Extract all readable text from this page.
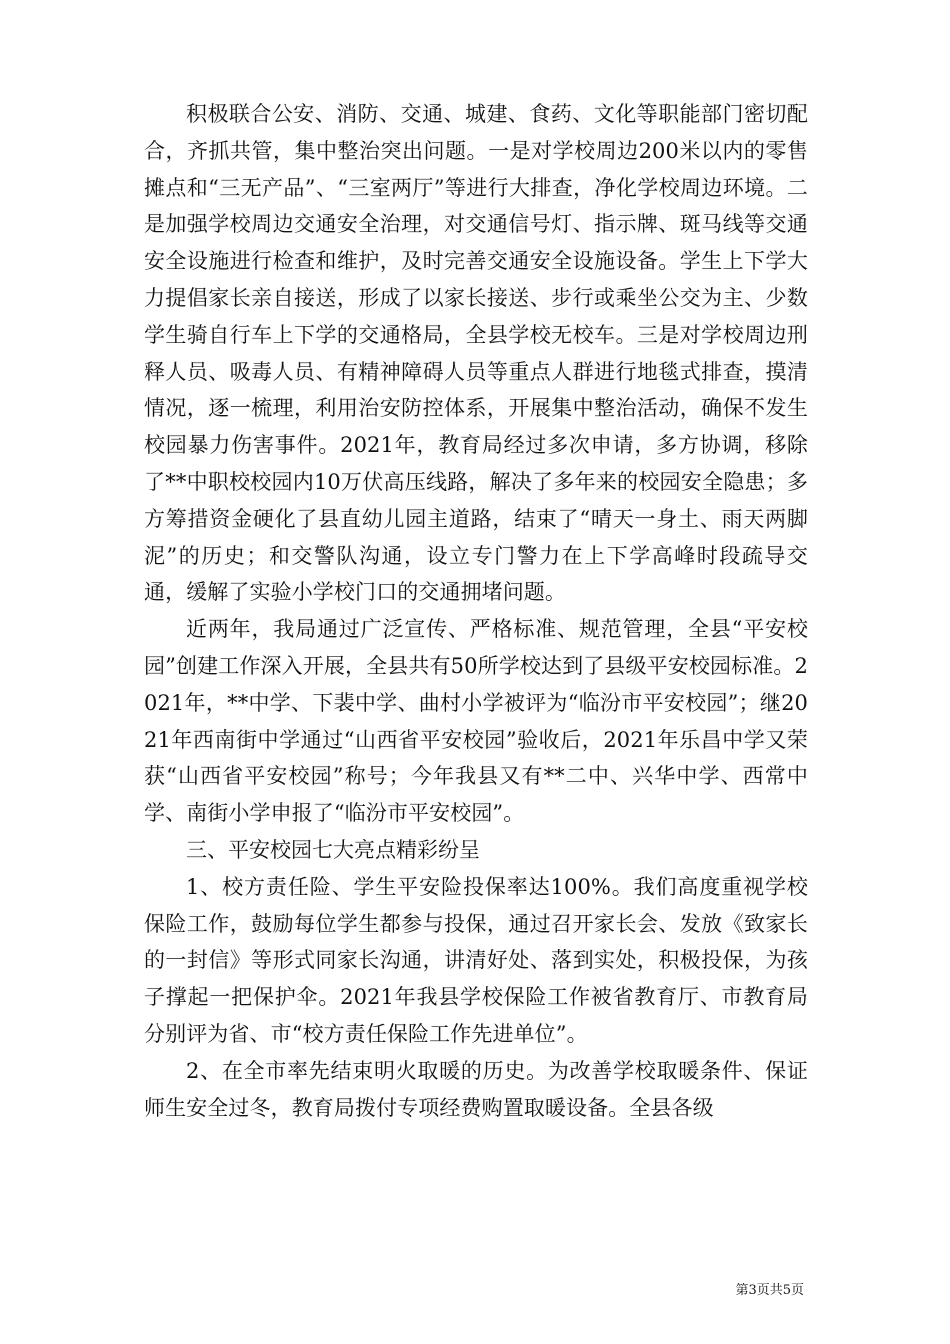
积极联合公安、消防、交通、城建、食药、文化等职能部门密切配合，齐抓共管，集中整治突出问题。一是对学校周边200米以内的零售摊点和“三无产品”、“三室两厅”等进行大排查，净化学校周边环境。二是加强学校周边交通安全治理，对交通信号灯、指示牌、斑马线等交通安全设施进行检查和维护，及时完善交通安全设施设备。学生上下学大力提倡家长亲自接送，形成了以家长接送、步行或乘坐公交为主、少数学生骑自行车上下学的交通格局，全县学校无校车。三是对学校周边刑释人员、吸毒人员、有精神障碍人员等重点人群进行地毯式排查，摸清情况，逐一梳理，利用治安防控体系，开展集中整治活动，确保不发生校园暴力伤害事件。2021年，教育局经过多次申请，多方协调，移除了**中职校校园内10万伏高压线路，解决了多年来的校园安全隐患；多方筹措资金硬化了县直幼儿园主道路，结束了“晴天一身土、雨天两脚泥”的历史；和交警队沟通，设立专门警力在上下学高峰时段疏导交通，缓解了实验小学校门口的交通拥堵问题。

近两年，我局通过广泛宣传、严格标准、规范管理，全县“平安校园”创建工作深入开展，全县共有50所学校达到了县级平安校园标准。2021年，**中学、下裴中学、曲村小学被评为“临汾市平安校园”；继2021年西南街中学通过“山西省平安校园”验收后，2021年乐昌中学又荣获“山西省平安校园”称号；今年我县又有**二中、兴华中学、西常中学、南街小学申报了“临汾市平安校园”。

三、平安校园七大亮点精彩纷呈

1、校方责任险、学生平安险投保率达100%。我们高度重视学校保险工作，鼓励每位学生都参与投保，通过召开家长会、发放《致家长的一封信》等形式同家长沟通，讲清好处、落到实处，积极投保，为孩子撑起一把保护伞。2021年我县学校保险工作被省教育厅、市教育局分别评为省、市“校方责任保险工作先进单位”。

2、在全市率先结束明火取暖的历史。为改善学校取暖条件、保证师生安全过冬，教育局拨付专项经费购置取暖设备。全县各级

第3页共5页
